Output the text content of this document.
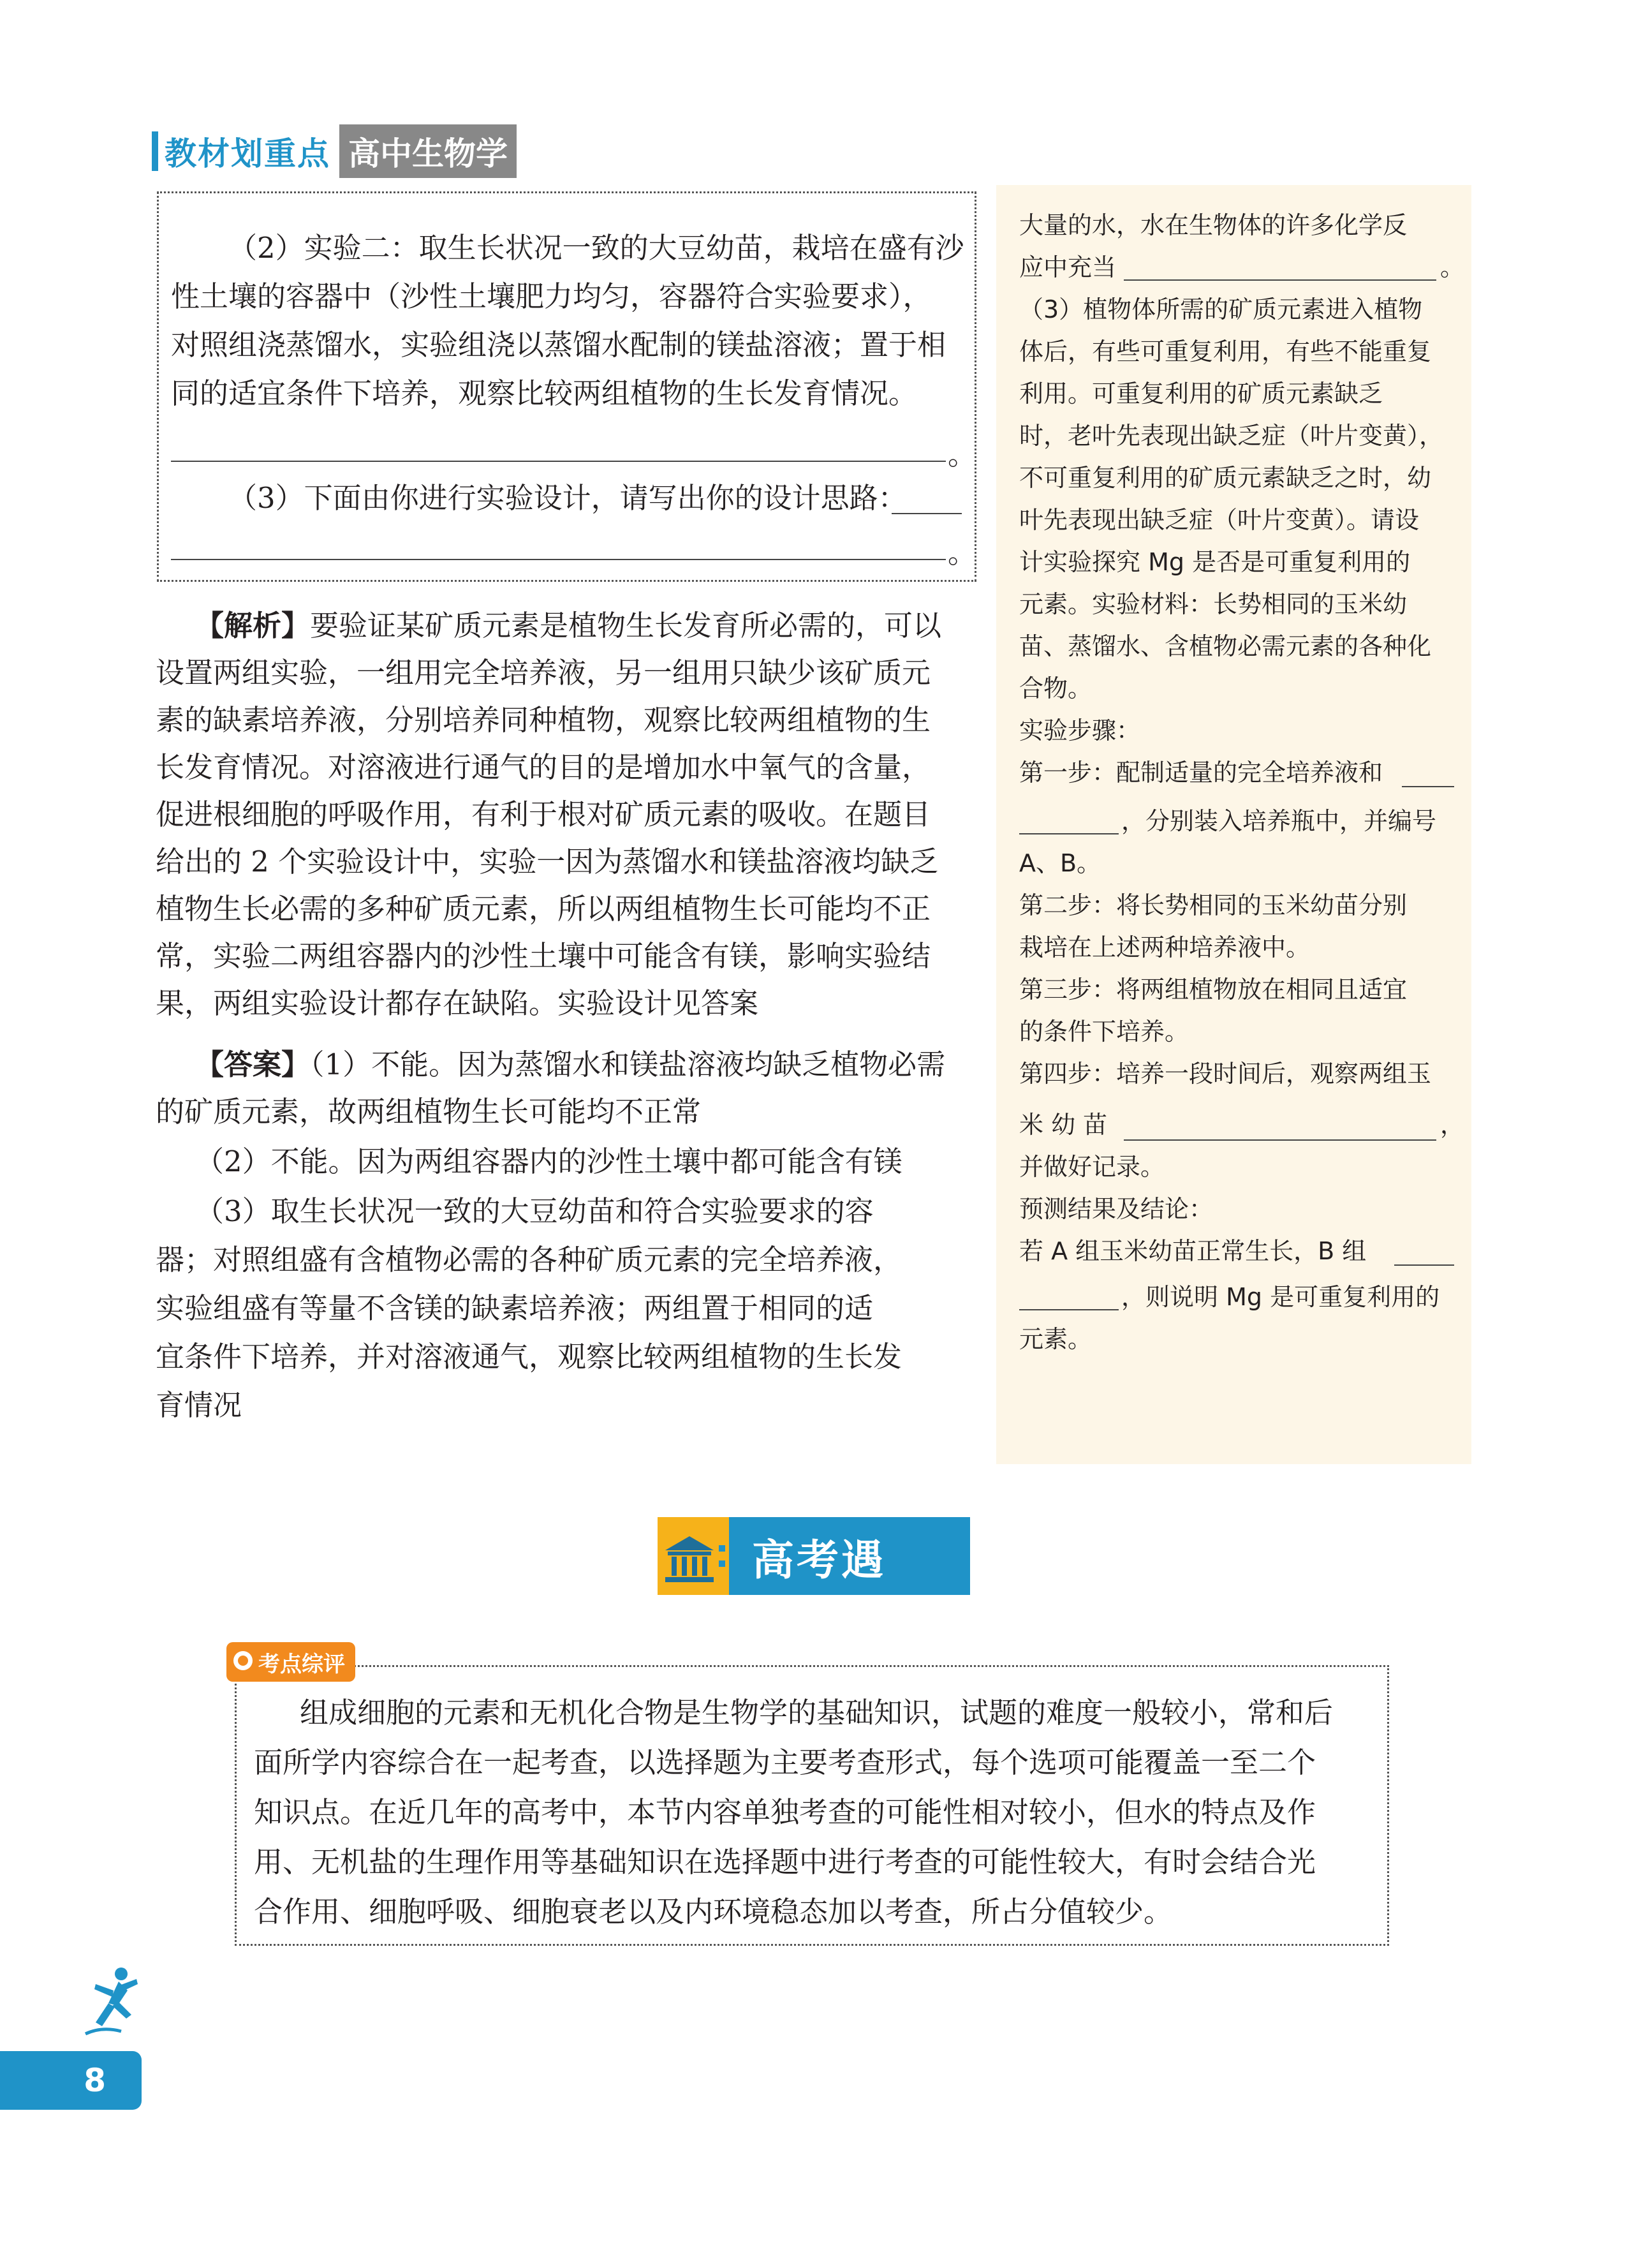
教材划重点 高中生物学
（2）实验二：取生长状况一致的大豆幼苗，栽培在盛有沙
性土壤的容器中（沙性土壤肥力均匀，容器符合实验要求），
对照组浇蒸馏水，实验组浇以蒸馏水配制的镁盐溶液；置于相
同的适宜条件下培养，观察比较两组植物的生长发育情况。
。
（3）下面由你进行实验设计，请写出你的设计思路：
。
【解析】要验证某矿质元素是植物生长发育所必需的，可以
设置两组实验，一组用完全培养液，另一组用只缺少该矿质元
素的缺素培养液，分别培养同种植物，观察比较两组植物的生
长发育情况。对溶液进行通气的目的是增加水中氧气的含量，
促进根细胞的呼吸作用，有利于根对矿质元素的吸收。在题目
给出的 2 个实验设计中，实验一因为蒸馏水和镁盐溶液均缺乏
植物生长必需的多种矿质元素，所以两组植物生长可能均不正
常，实验二两组容器内的沙性土壤中可能含有镁，影响实验结
果，两组实验设计都存在缺陷。实验设计见答案
【答案】（1）不能。因为蒸馏水和镁盐溶液均缺乏植物必需
的矿质元素，故两组植物生长可能均不正常
（2）不能。因为两组容器内的沙性土壤中都可能含有镁
（3）取生长状况一致的大豆幼苗和符合实验要求的容
器；对照组盛有含植物必需的各种矿质元素的完全培养液，
实验组盛有等量不含镁的缺素培养液；两组置于相同的适
宜条件下培养，并对溶液通气，观察比较两组植物的生长发
育情况
大量的水，水在生物体的许多化学反
应中充当	。
（3）植物体所需的矿质元素进入植物
体后，有些可重复利用，有些不能重复
利用。可重复利用的矿质元素缺乏
时，老叶先表现出缺乏症（叶片变黄），
不可重复利用的矿质元素缺乏之时，幼
叶先表现出缺乏症（叶片变黄）。请设
计实验探究 Mg 是否是可重复利用的
元素。实验材料：长势相同的玉米幼
苗、蒸馏水、含植物必需元素的各种化
合物。
实验步骤：
第一步：配制适量的完全培养液和
，分别装入培养瓶中，并编号
A、B。
第二步：将长势相同的玉米幼苗分别
栽培在上述两种培养液中。
第三步：将两组植物放在相同且适宜
的条件下培养。
第四步：培养一段时间后，观察两组玉
米 幼 苗	，
并做好记录。
预测结果及结论：
若 A 组玉米幼苗正常生长，B 组
，则说明 Mg 是可重复利用的
元素。
高考遇
考点综评
组成细胞的元素和无机化合物是生物学的基础知识，试题的难度一般较小，常和后
面所学内容综合在一起考查，以选择题为主要考查形式，每个选项可能覆盖一至二个
知识点。在近几年的高考中，本节内容单独考查的可能性相对较小，但水的特点及作
用、无机盐的生理作用等基础知识在选择题中进行考查的可能性较大，有时会结合光
合作用、细胞呼吸、细胞衰老以及内环境稳态加以考查，所占分值较少。
8
